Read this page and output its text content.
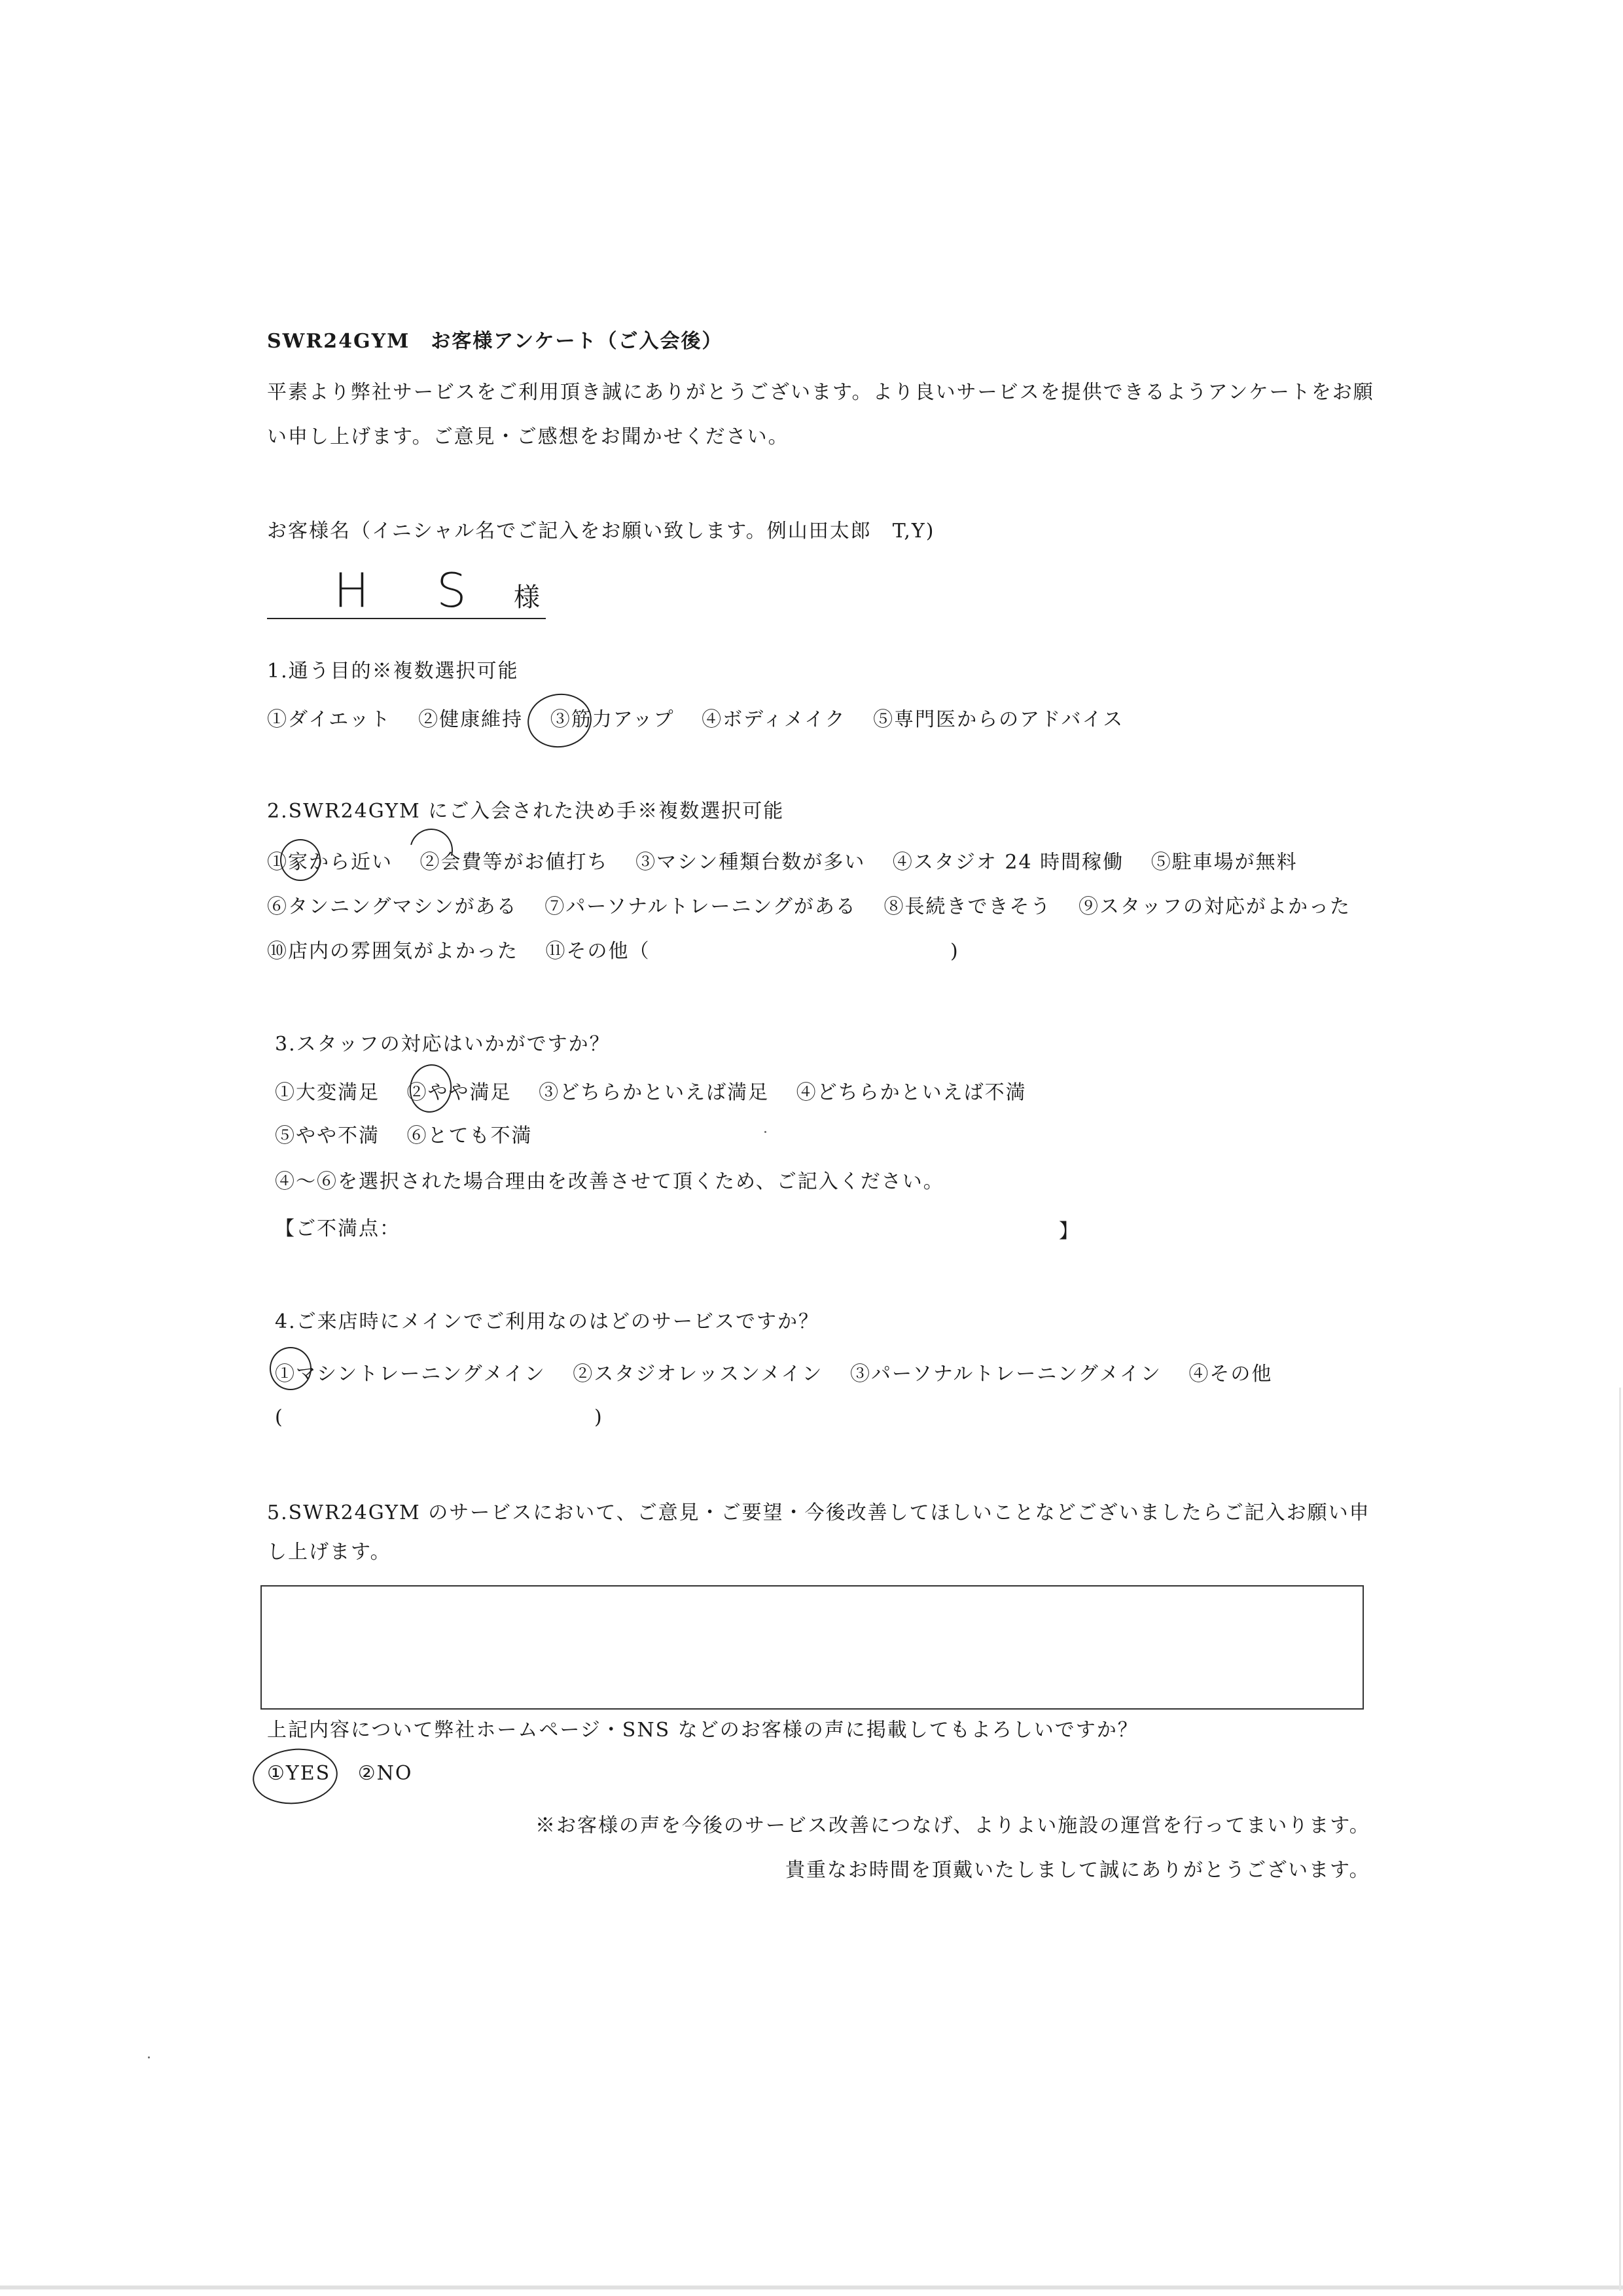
SWR24GYM　お客様アンケート（ご入会後）
平素より弊社サービスをご利用頂き誠にありがとうございます。より良いサービスを提供できるようアンケートをお願
い申し上げます。ご意見・ご感想をお聞かせください。
お客様名（イニシャル名でご記入をお願い致します。例山田太郎　T,Y)
H S 様
1.通う目的※複数選択可能
①ダイエット ②健康維持 ③筋力アップ ④ボディメイク ⑤専門医からのアドバイス
2.SWR24GYM にご入会された決め手※複数選択可能
①家から近い ②会費等がお値打ち ③マシン種類台数が多い ④スタジオ 24 時間稼働 ⑤駐車場が無料
⑥タンニングマシンがある ⑦パーソナルトレーニングがある ⑧長続きできそう ⑨スタッフの対応がよかった
⑩店内の雰囲気がよかった ⑪その他（	)
3.スタッフの対応はいかがですか？
①大変満足 ②やや満足 ③どちらかといえば満足 ④どちらかといえば不満
⑤やや不満 ⑥とても不満
④～⑥を選択された場合理由を改善させて頂くため、ご記入ください。
【ご不満点：	】
4.ご来店時にメインでご利用なのはどのサービスですか？
①マシントレーニングメイン ②スタジオレッスンメイン ③パーソナルトレーニングメイン ④その他
(	)
5.SWR24GYM のサービスにおいて、ご意見・ご要望・今後改善してほしいことなどございましたらご記入お願い申
し上げます。
上記内容について弊社ホームページ・SNS などのお客様の声に掲載してもよろしいですか？
①YES ②NO
※お客様の声を今後のサービス改善につなげ、よりよい施設の運営を行ってまいります。
貴重なお時間を頂戴いたしまして誠にありがとうございます。
